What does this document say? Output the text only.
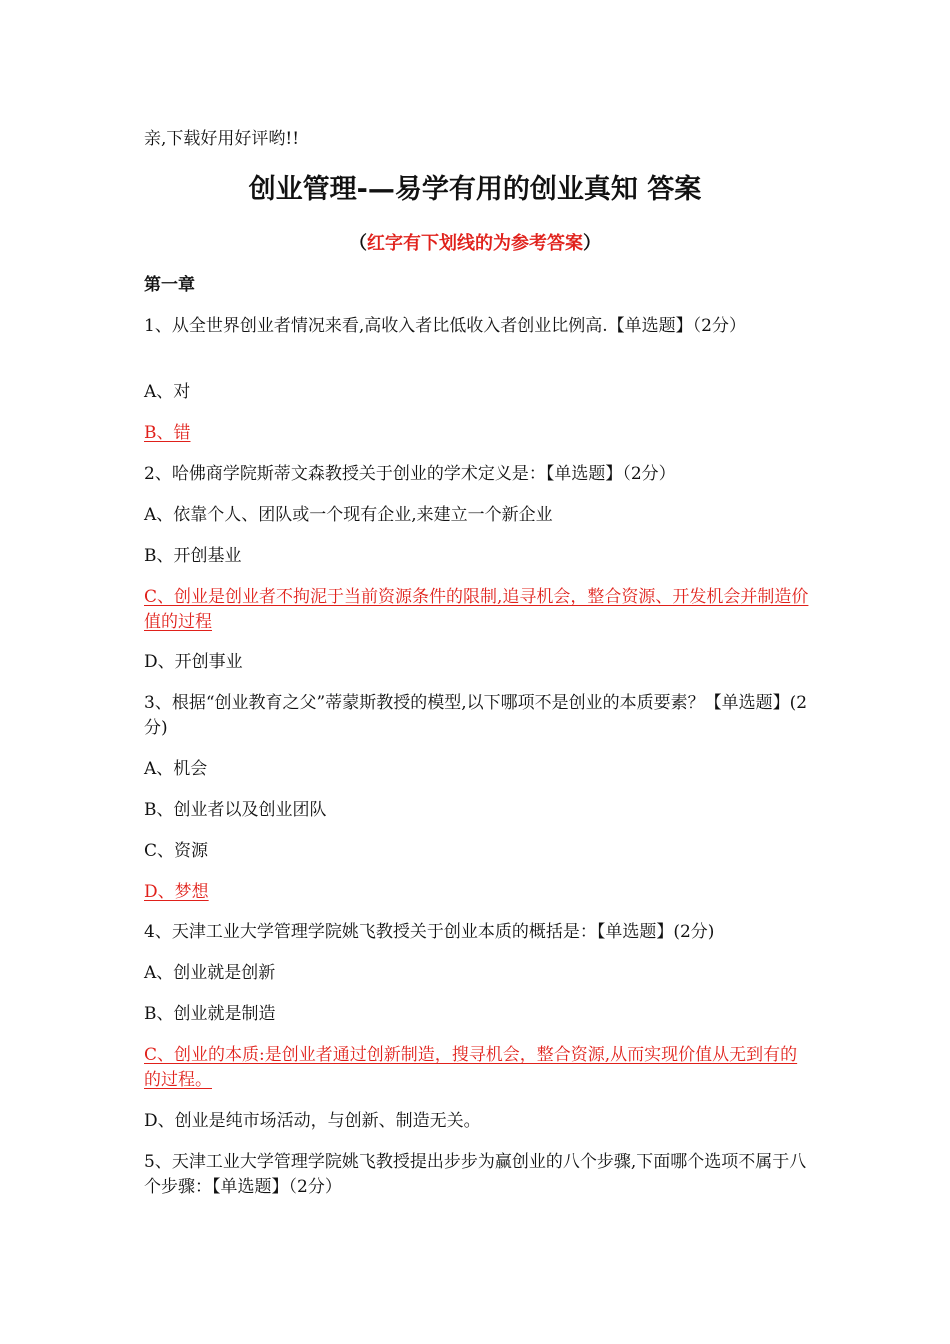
亲,下载好用好评哟!!

创业管理-—易学有用的创业真知 答案

（红字有下划线的为参考答案）

第一章

1、从全世界创业者情况来看,高收入者比低收入者创业比例高.【单选题】（2分）

A、对

B、错

2、哈佛商学院斯蒂文森教授关于创业的学术定义是：【单选题】（2分）

A、依靠个人、团队或一个现有企业,来建立一个新企业

B、开创基业

C、创业是创业者不拘泥于当前资源条件的限制,追寻机会，整合资源、开发机会并制造价值的过程

D、开创事业

3、根据“创业教育之父”蒂蒙斯教授的模型,以下哪项不是创业的本质要素？【单选题】(2分)

A、机会

B、创业者以及创业团队

C、资源

D、梦想

4、天津工业大学管理学院姚飞教授关于创业本质的概括是：【单选题】(2分)

A、创业就是创新

B、创业就是制造

C、创业的本质:是创业者通过创新制造，搜寻机会，整合资源,从而实现价值从无到有的的过程。

D、创业是纯市场活动，与创新、制造无关。

5、天津工业大学管理学院姚飞教授提出步步为赢创业的八个步骤,下面哪个选项不属于八个步骤：【单选题】（2分）
